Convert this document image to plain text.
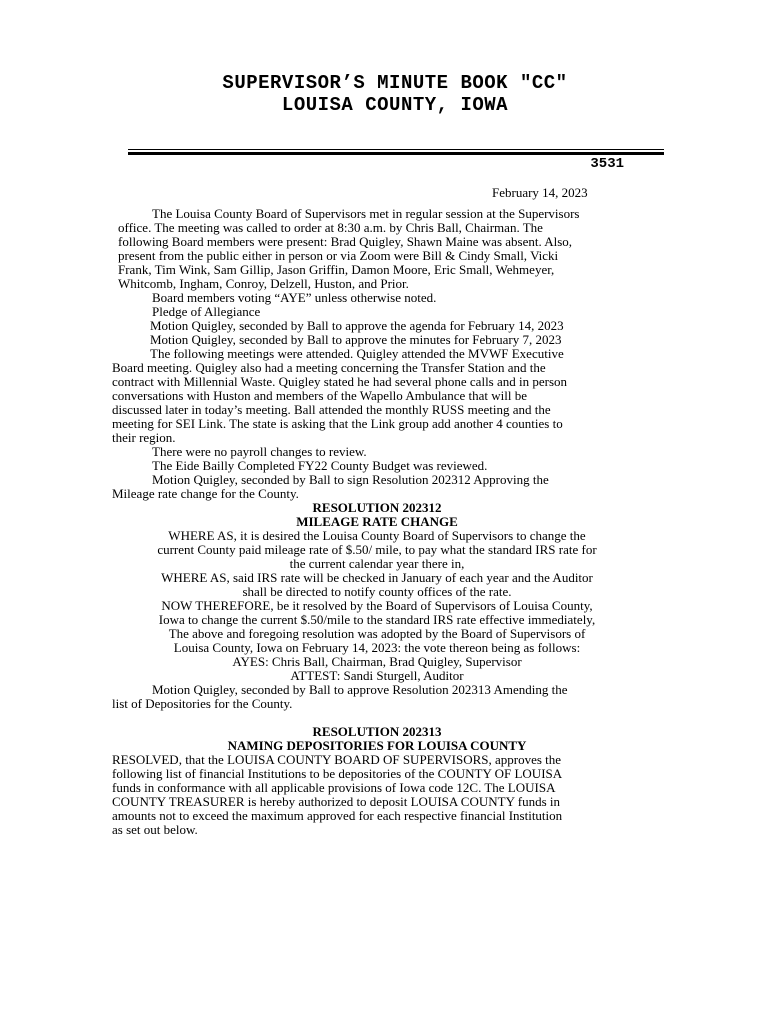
SUPERVISOR’S MINUTE BOOK "CC"
LOUISA COUNTY, IOWA
3531
February 14, 2023

The Louisa County Board of Supervisors met in regular session at the Supervisors

office. The meeting was called to order at 8:30 a.m. by Chris Ball, Chairman. The

following Board members were present: Brad Quigley, Shawn Maine was absent. Also,

present from the public either in person or via Zoom were Bill & Cindy Small, Vicki

Frank, Tim Wink, Sam Gillip, Jason Griffin, Damon Moore, Eric Small, Wehmeyer,

Whitcomb, Ingham, Conroy, Delzell, Huston, and Prior.

Board members voting “AYE” unless otherwise noted.

Pledge of Allegiance

Motion Quigley, seconded by Ball to approve the agenda for February 14, 2023

Motion Quigley, seconded by Ball to approve the minutes for February 7, 2023

The following meetings were attended. Quigley attended the MVWF Executive

Board meeting. Quigley also had a meeting concerning the Transfer Station and the

contract with Millennial Waste. Quigley stated he had several phone calls and in person

conversations with Huston and members of the Wapello Ambulance that will be

discussed later in today’s meeting. Ball attended the monthly RUSS meeting and the

meeting for SEI Link. The state is asking that the Link group add another 4 counties to

their region.

There were no payroll changes to review.

The Eide Bailly Completed FY22 County Budget was reviewed.

Motion Quigley, seconded by Ball to sign Resolution 202312 Approving the

Mileage rate change for the County.

RESOLUTION 202312

MILEAGE RATE CHANGE

WHERE AS, it is desired the Louisa County Board of Supervisors to change the

current County paid mileage rate of $.50/ mile, to pay what the standard IRS rate for

the current calendar year there in,

WHERE AS, said IRS rate will be checked in January of each year and the Auditor

shall be directed to notify county offices of the rate.

NOW THEREFORE, be it resolved by the Board of Supervisors of Louisa County,

Iowa to change the current $.50/mile to the standard IRS rate effective immediately,

The above and foregoing resolution was adopted by the Board of Supervisors of

Louisa County, Iowa on February 14, 2023: the vote thereon being as follows:

AYES: Chris Ball, Chairman, Brad Quigley, Supervisor

ATTEST: Sandi Sturgell, Auditor

Motion Quigley, seconded by Ball to approve Resolution 202313 Amending the

list of Depositories for the County.

RESOLUTION 202313

NAMING DEPOSITORIES FOR LOUISA COUNTY

RESOLVED, that the LOUISA COUNTY BOARD OF SUPERVISORS, approves the

following list of financial Institutions to be depositories of the COUNTY OF LOUISA

funds in conformance with all applicable provisions of Iowa code 12C. The LOUISA

COUNTY TREASURER is hereby authorized to deposit LOUISA COUNTY funds in

amounts not to exceed the maximum approved for each respective financial Institution

as set out below.
